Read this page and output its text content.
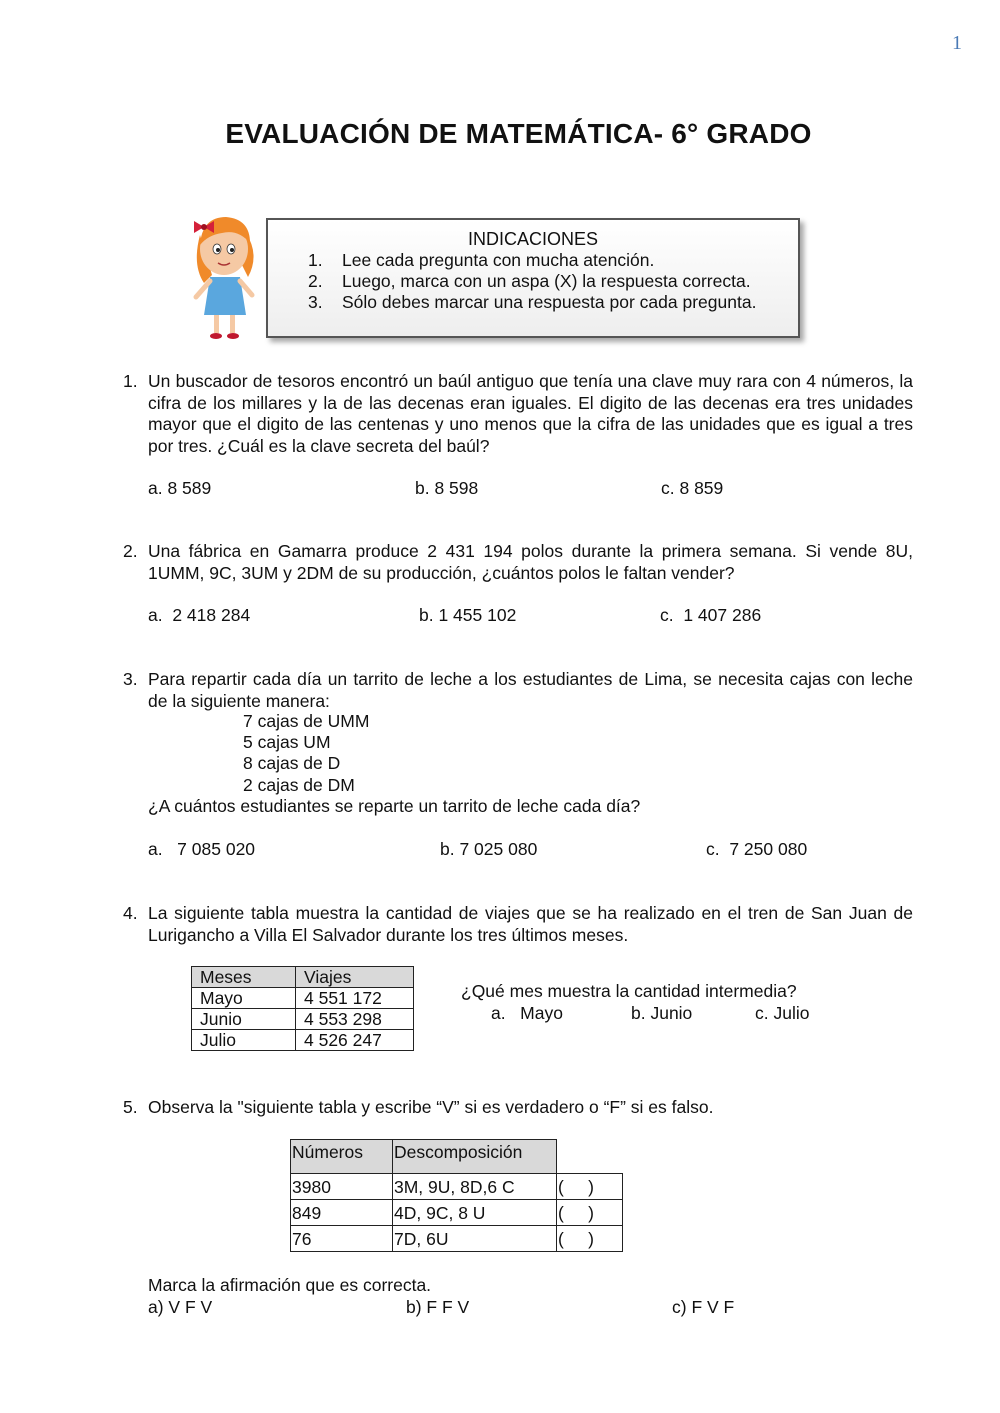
1
EVALUACIÓN DE MATEMÁTICA- 6° GRADO
INDICACIONES
1. Lee cada pregunta con mucha atención.
2. Luego, marca con un aspa (X) la respuesta correcta.
3. Sólo debes marcar una respuesta por cada pregunta.
1. Un buscador de tesoros encontró un baúl antiguo que tenía una clave muy rara con 4 números, la cifra de los millares y la de las decenas eran iguales. El digito de las decenas era tres unidades mayor que el digito de las centenas y uno menos que la cifra de las unidades que es igual a tres por tres. ¿Cuál es la clave secreta del baúl?
a. 8 589	b. 8 598	c. 8 859
2. Una fábrica en Gamarra produce 2 431 194 polos durante la primera semana. Si vende 8U, 1UMM, 9C, 3UM y 2DM de su producción, ¿cuántos polos le faltan vender?
a.  2 418 284	b. 1 455 102	c.  1 407 286
3. Para repartir cada día un tarrito de leche a los estudiantes de Lima, se necesita cajas con leche de la siguiente manera:
7 cajas de UMM
5 cajas UM
8 cajas de D
2 cajas de DM
¿A cuántos estudiantes se reparte un tarrito de leche cada día?
a.   7 085 020	b. 7 025 080	c.  7 250 080
4. La siguiente tabla muestra la cantidad de viajes que se ha realizado en el tren de San Juan de Lurigancho a Villa El Salvador durante los tres últimos meses.
Meses	Viajes
Mayo	4 551 172
Junio	4 553 298
Julio	4 526 247
¿Qué mes muestra la cantidad intermedia?
a.   Mayo	b. Junio	c. Julio
5. Observa la "siguiente tabla y escribe “V” si es verdadero o “F” si es falso.
Números	Descomposición	
3980	3M, 9U, 8D,6 C	(     )
849	4D, 9C, 8 U	(     )
76	7D, 6U	(     )
Marca la afirmación que es correcta.
a) V F V	b) F F V	c) F V F
